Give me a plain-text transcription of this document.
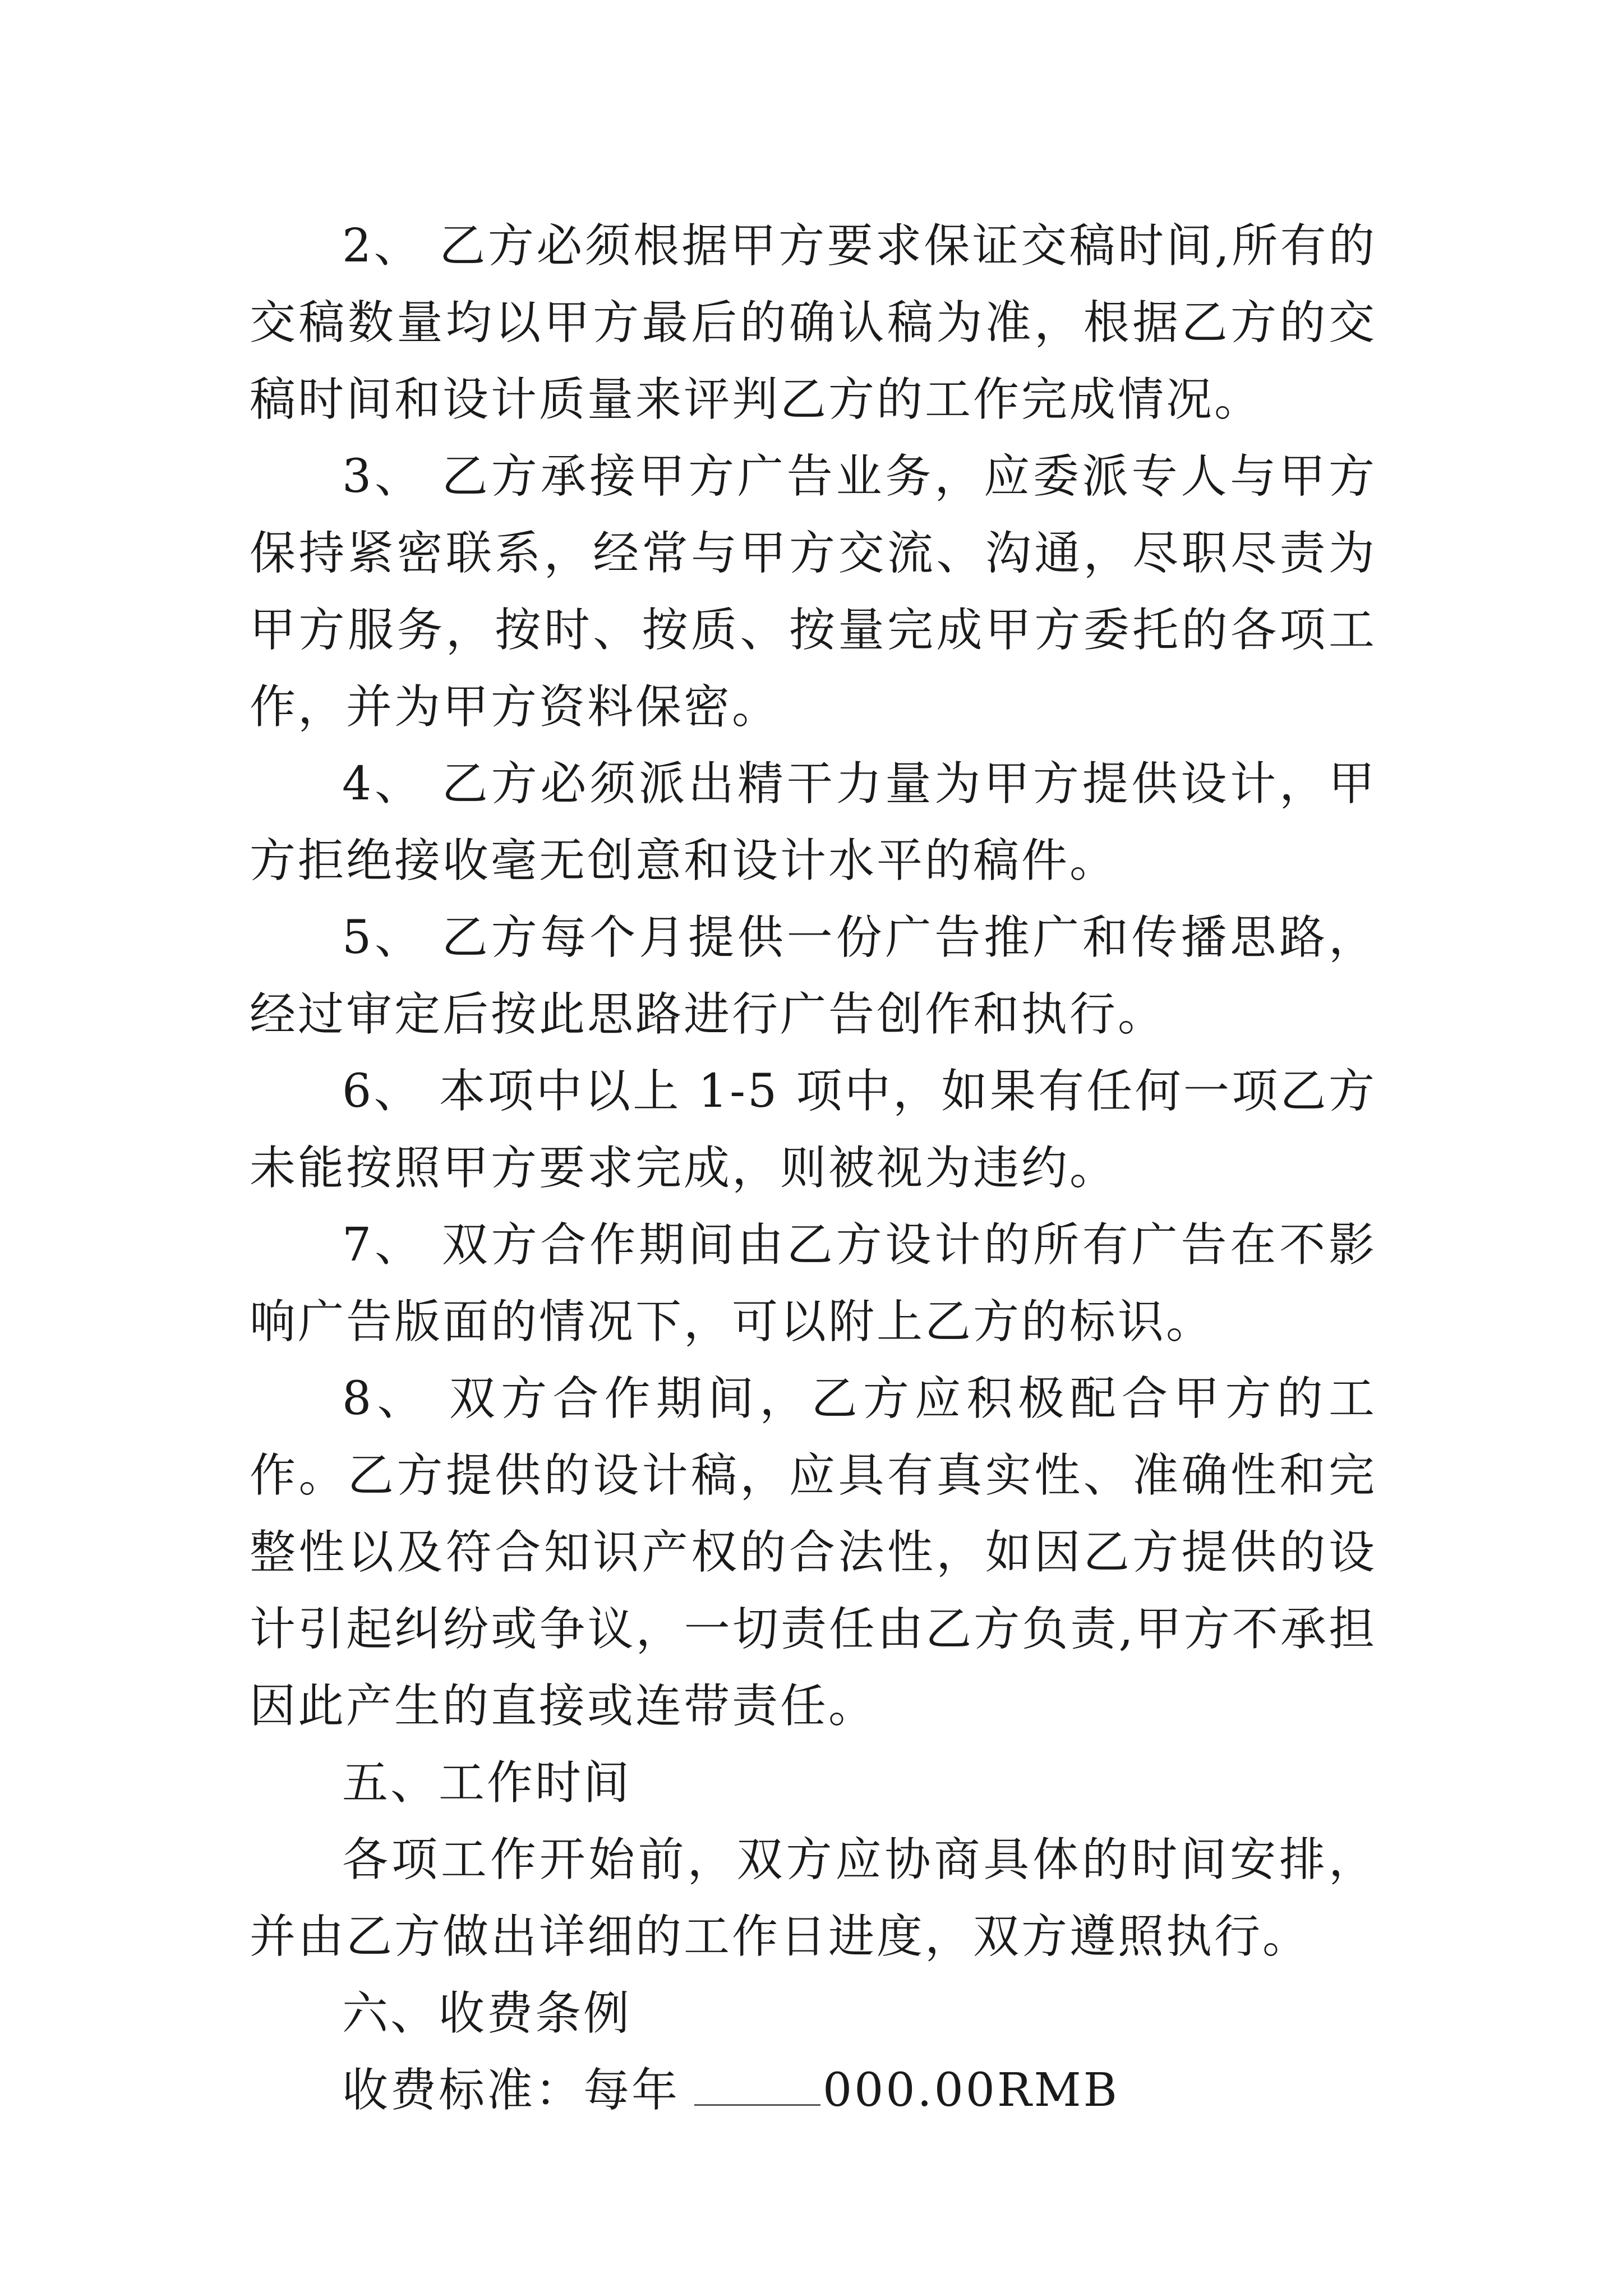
2、 乙方必须根据甲方要求保证交稿时间,所有的交稿数量均以甲方最后的确认稿为准，根据乙方的交稿时间和设计质量来评判乙方的工作完成情况。

3、 乙方承接甲方广告业务，应委派专人与甲方保持紧密联系，经常与甲方交流、沟通，尽职尽责为甲方服务，按时、按质、按量完成甲方委托的各项工作，并为甲方资料保密。

4、 乙方必须派出精干力量为甲方提供设计，甲方拒绝接收毫无创意和设计水平的稿件。

5、 乙方每个月提供一份广告推广和传播思路，经过审定后按此思路进行广告创作和执行。

6、 本项中以上 1-5 项中，如果有任何一项乙方未能按照甲方要求完成，则被视为违约。

7、 双方合作期间由乙方设计的所有广告在不影响广告版面的情况下，可以附上乙方的标识。

8、 双方合作期间，乙方应积极配合甲方的工作。乙方提供的设计稿，应具有真实性、准确性和完整性以及符合知识产权的合法性，如因乙方提供的设计引起纠纷或争议，一切责任由乙方负责,甲方不承担因此产生的直接或连带责任。

五、工作时间

各项工作开始前，双方应协商具体的时间安排，并由乙方做出详细的工作日进度，双方遵照执行。

六、收费条例

收费标准：每年	000.00RMB
